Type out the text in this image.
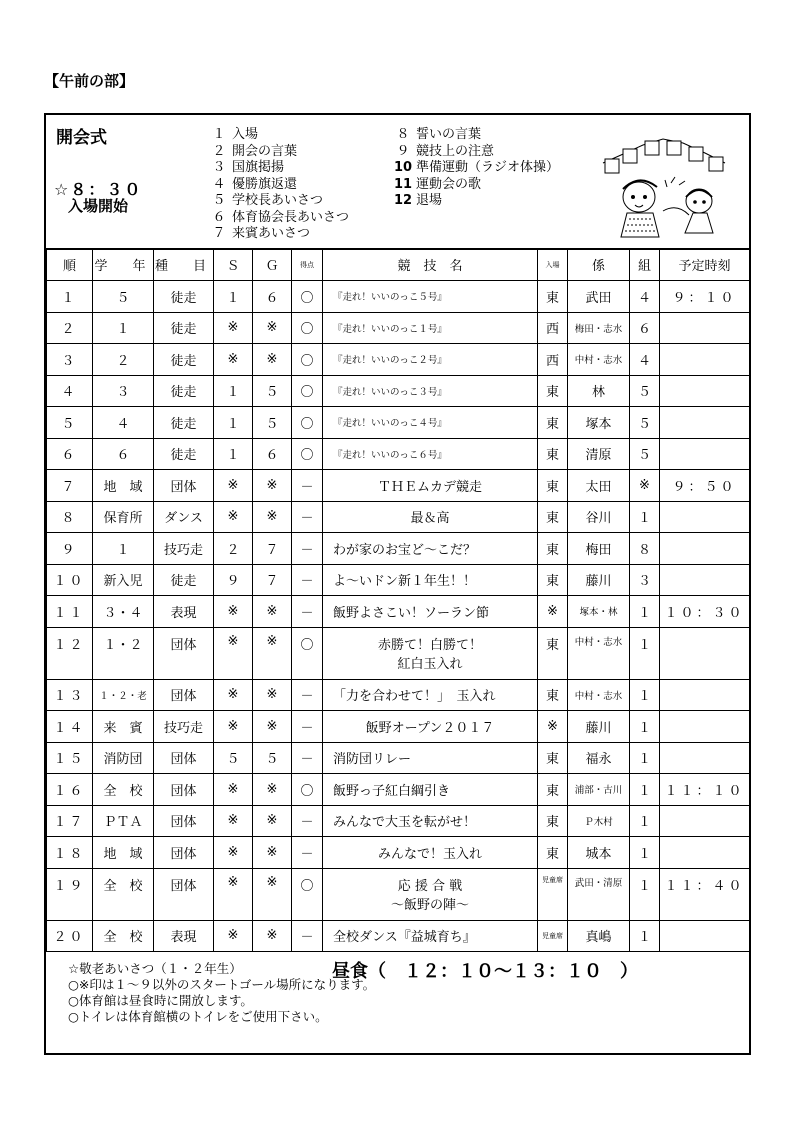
【午前の部】
開会式
☆８：３０
入場開始
１ 入場
２ 開会の言葉
３ 国旗掲揚
４ 優勝旗返還
５ 学校長あいさつ
６ 体育協会長あいさつ
７ 来賓あいさつ
８ 誓いの言葉
９ 競技上の注意
10 準備運動（ラジオ体操）
11 運動会の歌
12 退場
順	学　年	種　目	Ｓ	Ｇ	得点	競　技　名	入場	係	組	予定時刻
１	５	徒走	１	６	〇	『走れ！いいのっこ５号』	東	武田	４	９：１０
２	１	徒走	※	※	〇	『走れ！いいのっこ１号』	西	梅田・志水	６	
３	２	徒走	※	※	〇	『走れ！いいのっこ２号』	西	中村・志水	４	
４	３	徒走	１	５	〇	『走れ！いいのっこ３号』	東	林	５	
５	４	徒走	１	５	〇	『走れ！いいのっこ４号』	東	塚本	５	
６	６	徒走	１	６	〇	『走れ！いいのっこ６号』	東	清原	５	
７	地　域	団体	※	※	－	ＴＨＥムカデ競走	東	太田	※	９：５０
８	保育所	ダンス	※	※	－	最＆高	東	谷川	１	
９	１	技巧走	２	７	－	わが家のお宝ど～こだ？	東	梅田	８	
１０	新入児	徒走	９	７	－	よ～いドン新１年生！！	東	藤川	３	
１１	３・４	表現	※	※	－	飯野よさこい！ソーラン節	※	塚本・林	１	１０：３０
１２	１・２	団体	※	※	〇	赤勝て！白勝て！
紅白玉入れ	東	中村・志水	１	
１３	１・２・老	団体	※	※	－	「力を合わせて！」　玉入れ	東	中村・志水	１	
１４	来　賓	技巧走	※	※	－	飯野オープン２０１７	※	藤川	１	
１５	消防団	団体	５	５	－	消防団リレー	東	福永	１	
１６	全　校	団体	※	※	〇	飯野っ子紅白綱引き	東	浦部・古川	１	１１：１０
１７	ＰＴＡ	団体	※	※	－	みんなで大玉を転がせ！	東	Ｐ木村	１	
１８	地　域	団体	※	※	－	みんなで！玉入れ	東	城本	１	
１９	全　校	団体	※	※	〇	応 援 合 戦
～飯野の陣～	児童席	武田・清原	１	１１：４０
２０	全　校	表現	※	※	－	全校ダンス『益城育ち』	児童席	真嶋	１	
昼食（　１２：１０～１３：１０　）
☆敬老あいさつ（１・２年生）
○※印は１～９以外のスタートゴール場所になります。
○体育館は昼食時に開放します。
○トイレは体育館横のトイレをご使用下さい。
